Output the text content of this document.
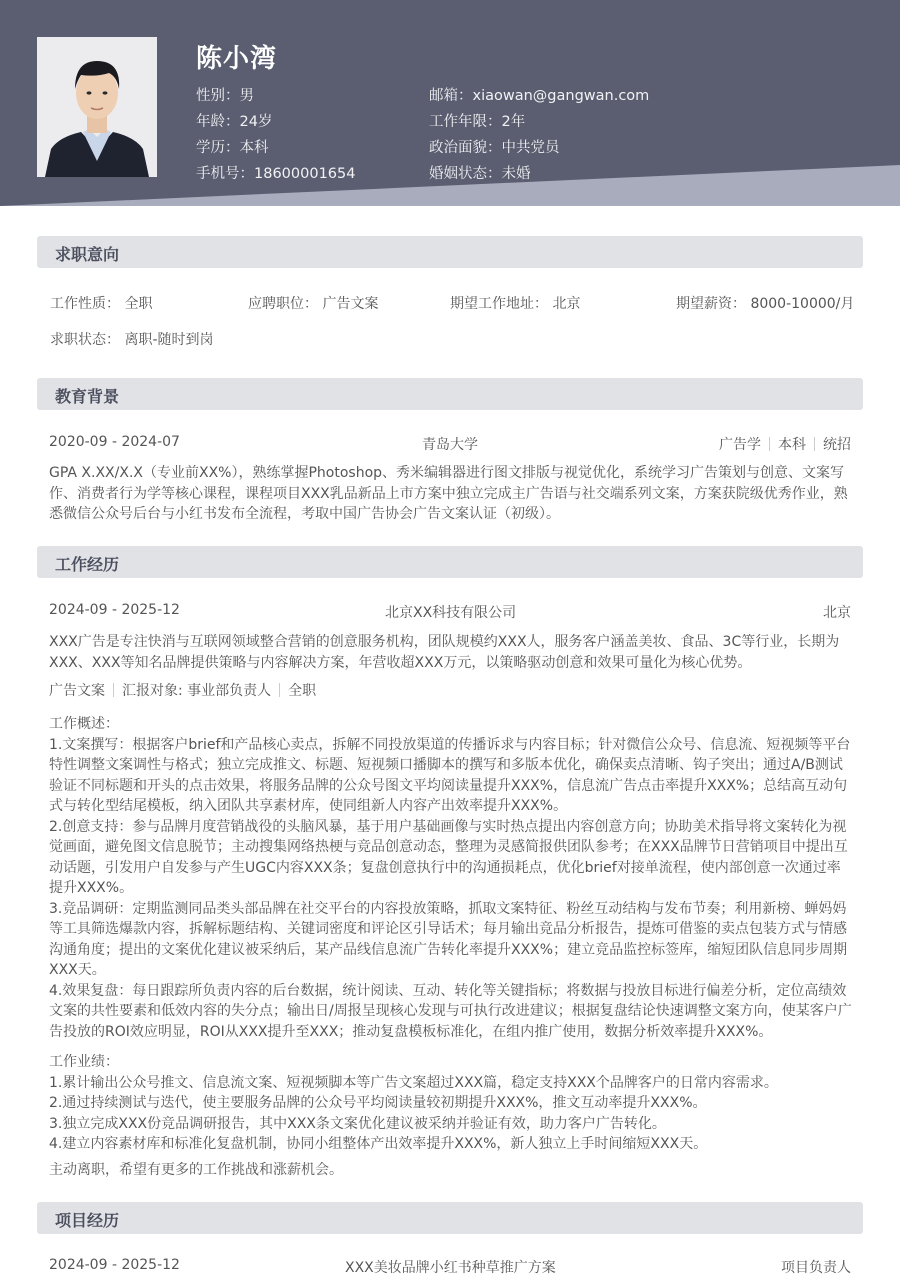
陈小湾
性别：男
年龄：24岁
学历：本科
手机号：18600001654
邮箱：xiaowan@gangwan.com
工作年限：2年
政治面貌：中共党员
婚姻状态：未婚
求职意向
工作性质： 全职	应聘职位： 广告文案	期望工作地址： 北京	期望薪资： 8000-10000/月
求职状态： 离职-随时到岗
教育背景
2020-09 - 2024-07	青岛大学	广告学 本科 统招
GPA X.XX/X.X（专业前XX%），熟练掌握Photoshop、秀米编辑器进行图文排版与视觉优化，系统学习广告策划与创意、文案写作、消费者行为学等核心课程，课程项目XXX乳品新品上市方案中独立完成主广告语与社交端系列文案，方案获院级优秀作业，熟悉微信公众号后台与小红书发布全流程，考取中国广告协会广告文案认证（初级）。
工作经历
2024-09 - 2025-12	北京XX科技有限公司	北京
XXX广告是专注快消与互联网领域整合营销的创意服务机构，团队规模约XXX人，服务客户涵盖美妆、食品、3C等行业，长期为XXX、XXX等知名品牌提供策略与内容解决方案，年营收超XXX万元，以策略驱动创意和效果可量化为核心优势。
广告文案 汇报对象: 事业部负责人 全职

工作概述：

1.文案撰写：根据客户brief和产品核心卖点，拆解不同投放渠道的传播诉求与内容目标；针对微信公众号、信息流、短视频等平台特性调整文案调性与格式；独立完成推文、标题、短视频口播脚本的撰写和多版本优化，确保卖点清晰、钩子突出；通过A/B测试验证不同标题和开头的点击效果，将服务品牌的公众号图文平均阅读量提升XXX%，信息流广告点击率提升XXX%；总结高互动句式与转化型结尾模板，纳入团队共享素材库，使同组新人内容产出效率提升XXX%。

2.创意支持：参与品牌月度营销战役的头脑风暴，基于用户基础画像与实时热点提出内容创意方向；协助美术指导将文案转化为视觉画面，避免图文信息脱节；主动搜集网络热梗与竞品创意动态，整理为灵感简报供团队参考；在XXX品牌节日营销项目中提出互动话题，引发用户自发参与产生UGC内容XXX条；复盘创意执行中的沟通损耗点，优化brief对接单流程，使内部创意一次通过率提升XXX%。

3.竞品调研：定期监测同品类头部品牌在社交平台的内容投放策略，抓取文案特征、粉丝互动结构与发布节奏；利用新榜、蝉妈妈等工具筛选爆款内容，拆解标题结构、关键词密度和评论区引导话术；每月输出竞品分析报告，提炼可借鉴的卖点包装方式与情感沟通角度；提出的文案优化建议被采纳后，某产品线信息流广告转化率提升XXX%；建立竞品监控标签库，缩短团队信息同步周期XXX天。

4.效果复盘：每日跟踪所负责内容的后台数据，统计阅读、互动、转化等关键指标；将数据与投放目标进行偏差分析，定位高绩效文案的共性要素和低效内容的失分点；输出日/周报呈现核心发现与可执行改进建议；根据复盘结论快速调整文案方向，使某客户广告投放的ROI效应明显，ROI从XXX提升至XXX；推动复盘模板标准化，在组内推广使用，数据分析效率提升XXX%。

工作业绩：

1.累计输出公众号推文、信息流文案、短视频脚本等广告文案超过XXX篇，稳定支持XXX个品牌客户的日常内容需求。

2.通过持续测试与迭代，使主要服务品牌的公众号平均阅读量较初期提升XXX%，推文互动率提升XXX%。

3.独立完成XXX份竞品调研报告，其中XXX条文案优化建议被采纳并验证有效，助力客户广告转化。

4.建立内容素材库和标准化复盘机制，协同小组整体产出效率提升XXX%，新人独立上手时间缩短XXX天。

主动离职，希望有更多的工作挑战和涨薪机会。
项目经历
2024-09 - 2025-12	XXX美妆品牌小红书种草推广方案	项目负责人
